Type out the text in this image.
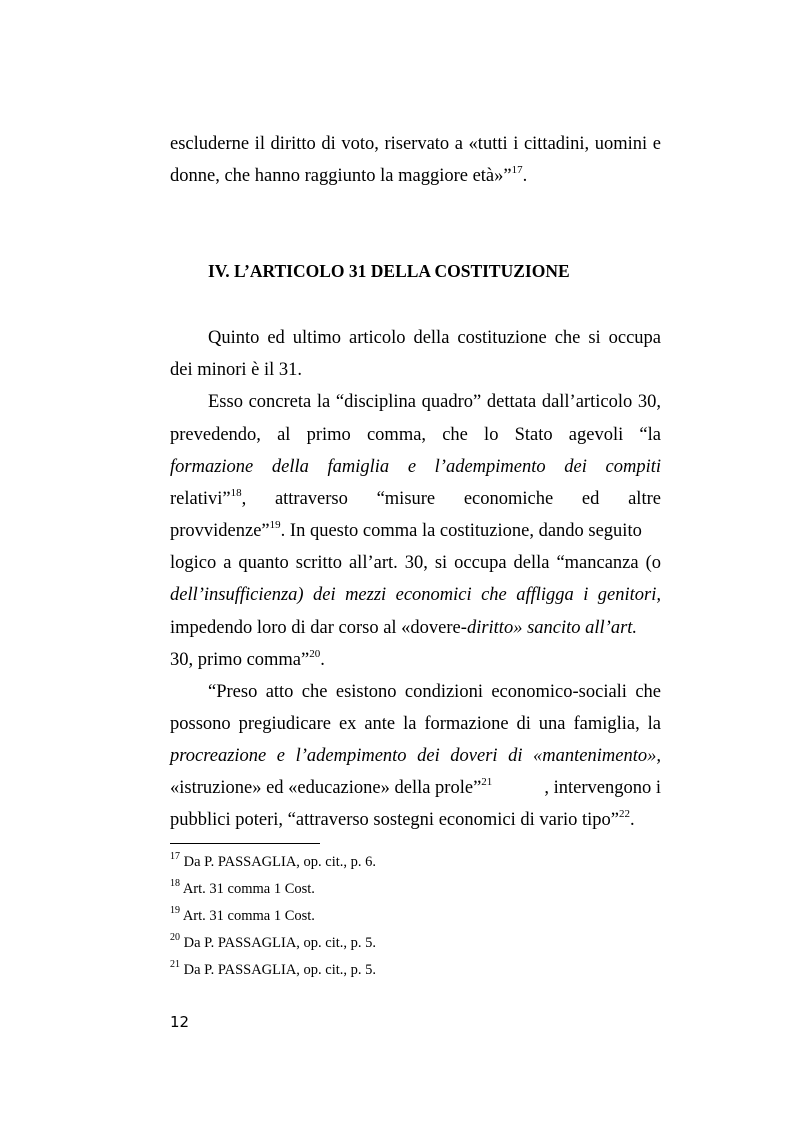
escluderne il diritto di voto, riservato a «tutti i cittadini, uomini e
donne, che hanno raggiunto la maggiore età»”$^{17}$.
IV. L’ARTICOLO 31 DELLA COSTITUZIONE
Quinto ed ultimo articolo della costituzione che si occupa
dei minori è il 31.
Esso concreta la “disciplina quadro” dettata dall’articolo 30,
prevedendo, al primo comma, che lo Stato agevoli “la
formazione della famiglia e l’adempimento dei compiti
relativi”$^{18}$, attraverso “misure economiche ed altre
provvidenze”$^{19}$. In questo comma la costituzione, dando seguito
logico a quanto scritto all’art. 30, si occupa della “mancanza (o
dell’insufficienza) dei mezzi economici che affligga i genitori,
impedendo loro di dar corso al «dovere-diritto» sancito all’art.
30, primo comma”$^{20}$.
“Preso atto che esistono condizioni economico-sociali che
possono pregiudicare ex ante la formazione di una famiglia, la
procreazione e l’adempimento dei doveri di «mantenimento»,
«istruzione» ed «educazione» della prole”$^{21}$	, intervengono i
pubblici poteri, “attraverso sostegni economici di vario tipo”$^{22}$.
$^{17}$ Da P. PASSAGLIA, op. cit., p. 6.
$^{18}$ Art. 31 comma 1 Cost.
$^{19}$ Art. 31 comma 1 Cost.
$^{20}$ Da P. PASSAGLIA, op. cit., p. 5.
$^{21}$ Da P. PASSAGLIA, op. cit., p. 5.
12
